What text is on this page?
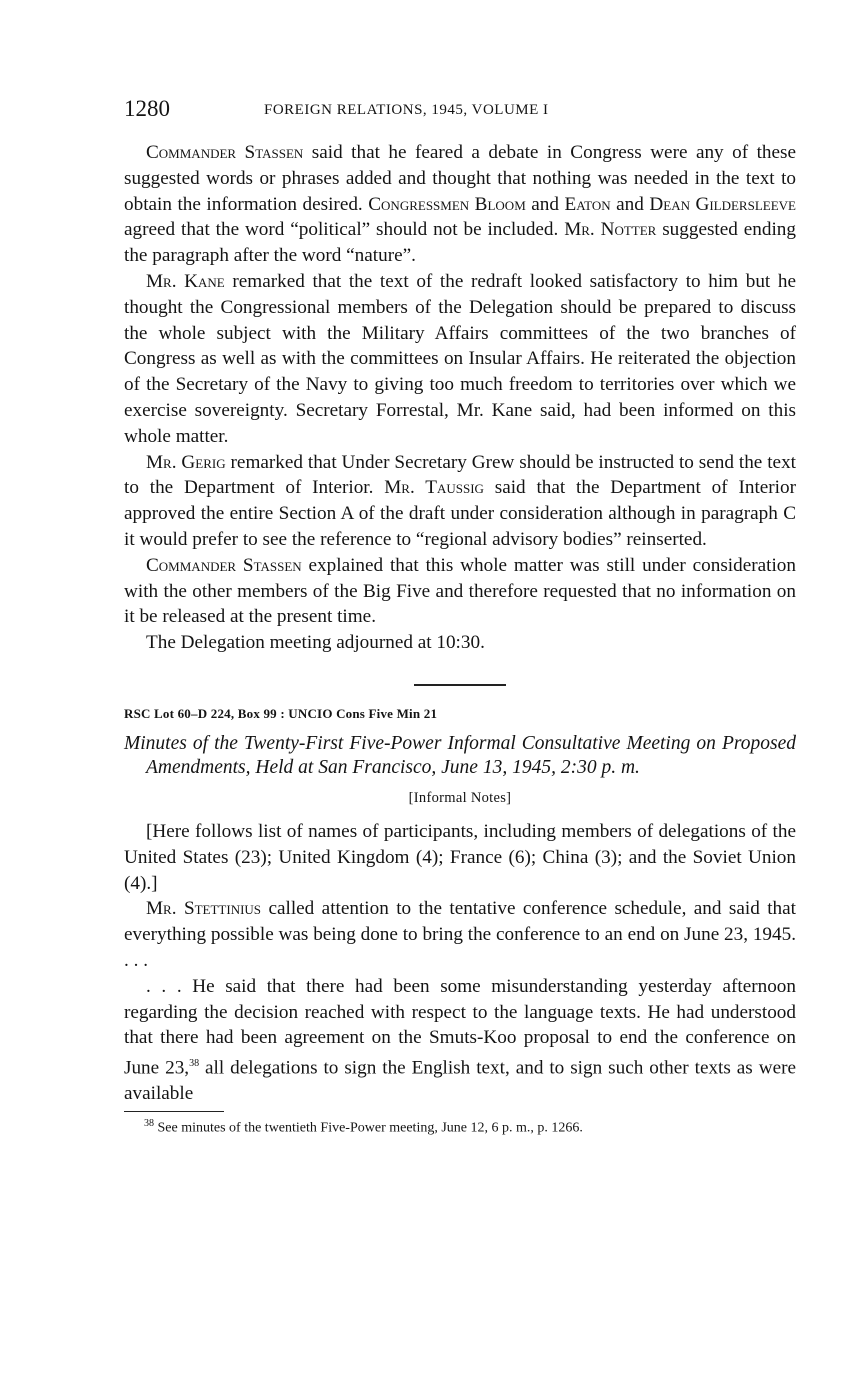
1280	FOREIGN RELATIONS, 1945, VOLUME I

Commander Stassen said that he feared a debate in Congress were any of these suggested words or phrases added and thought that nothing was needed in the text to obtain the information desired. Congressmen Bloom and Eaton and Dean Gildersleeve agreed that the word “political” should not be included. Mr. Notter suggested ending the paragraph after the word “nature”.

Mr. Kane remarked that the text of the redraft looked satisfactory to him but he thought the Congressional members of the Delegation should be prepared to discuss the whole subject with the Military Affairs committees of the two branches of Congress as well as with the committees on Insular Affairs. He reiterated the objection of the Secretary of the Navy to giving too much freedom to territories over which we exercise sovereignty. Secretary Forrestal, Mr. Kane said, had been informed on this whole matter.

Mr. Gerig remarked that Under Secretary Grew should be instructed to send the text to the Department of Interior. Mr. Taussig said that the Department of Interior approved the entire Section A of the draft under consideration although in paragraph C it would prefer to see the reference to “regional advisory bodies” reinserted.

Commander Stassen explained that this whole matter was still under consideration with the other members of the Big Five and therefore requested that no information on it be released at the present time.

The Delegation meeting adjourned at 10:30.

RSC Lot 60–D 224, Box 99 : UNCIO Cons Five Min 21
Minutes of the Twenty-First Five-Power Informal Consultative Meeting on Proposed Amendments, Held at San Francisco, June 13, 1945, 2:30 p. m.
[Informal Notes]

[Here follows list of names of participants, including members of delegations of the United States (23); United Kingdom (4); France (6); China (3); and the Soviet Union (4).]

Mr. Stettinius called attention to the tentative conference schedule, and said that everything possible was being done to bring the conference to an end on June 23, 1945. . . .

. . . He said that there had been some misunderstanding yesterday afternoon regarding the decision reached with respect to the language texts. He had understood that there had been agreement on the Smuts-Koo proposal to end the conference on June 23,38 all delegations to sign the English text, and to sign such other texts as were available

$^{38}$ See minutes of the twentieth Five-Power meeting, June 12, 6 p. m., p. 1266.
